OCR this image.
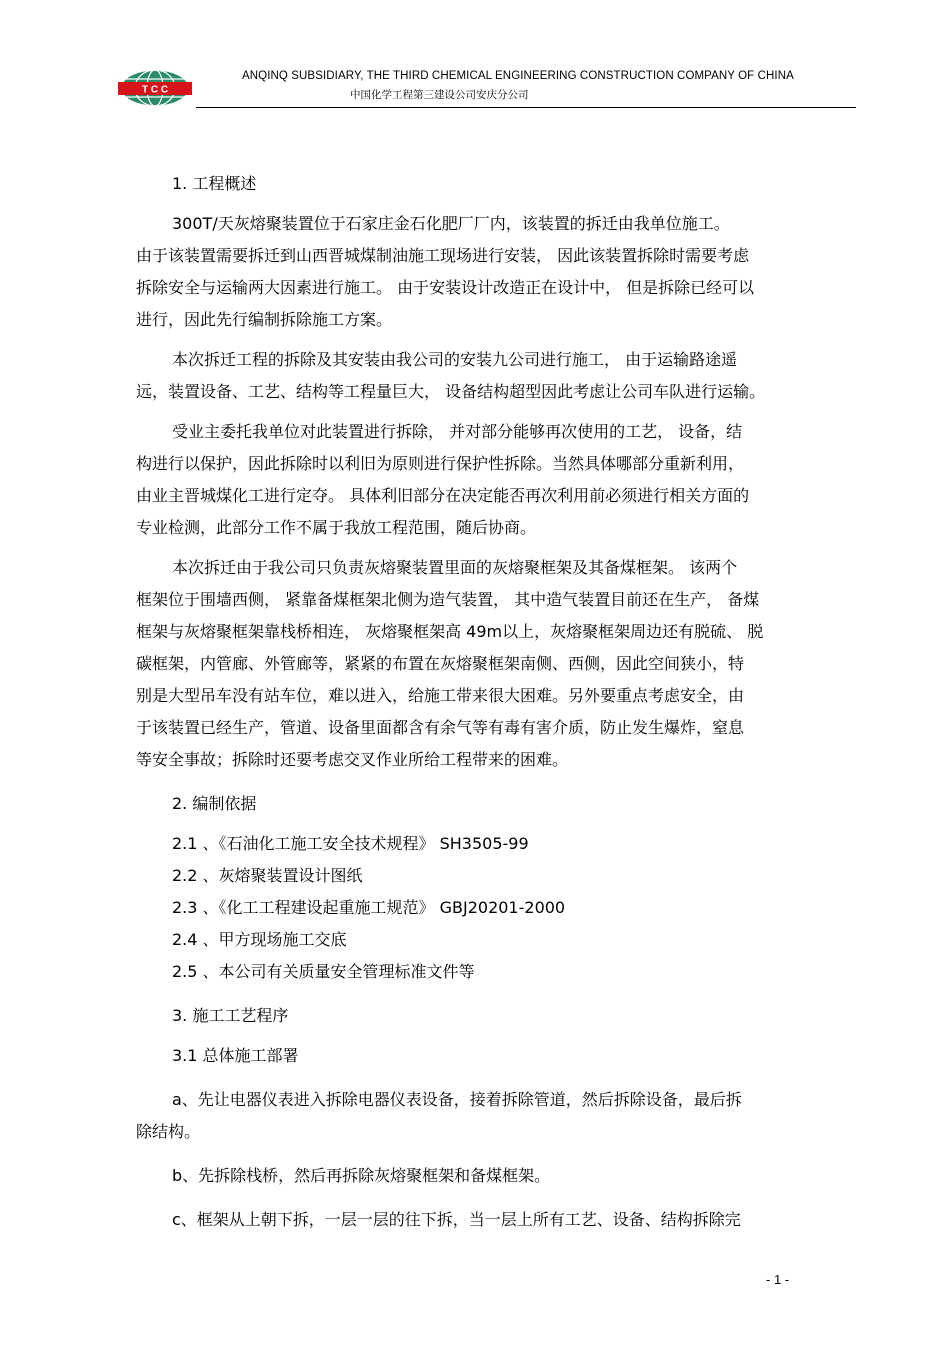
T C C
ANQINQ SUBSIDIARY, THE THIRD CHEMICAL ENGINEERING CONSTRUCTION COMPANY OF CHINA
中国化学工程第三建设公司安庆分公司

1. 工程概述

300T/天灰熔聚装置位于石家庄金石化肥厂厂内，该装置的拆迁由我单位施工。

由于该装置需要拆迁到山西晋城煤制油施工现场进行安装， 因此该装置拆除时需要考虑

拆除安全与运输两大因素进行施工。 由于安装设计改造正在设计中， 但是拆除已经可以

进行，因此先行编制拆除施工方案。

本次拆迁工程的拆除及其安装由我公司的安装九公司进行施工， 由于运输路途遥

远，装置设备、工艺、结构等工程量巨大， 设备结构超型因此考虑让公司车队进行运输。

受业主委托我单位对此装置进行拆除， 并对部分能够再次使用的工艺， 设备，结

构进行以保护，因此拆除时以利旧为原则进行保护性拆除。当然具体哪部分重新利用，

由业主晋城煤化工进行定夺。 具体利旧部分在决定能否再次利用前必须进行相关方面的

专业检测，此部分工作不属于我放工程范围，随后协商。

本次拆迁由于我公司只负责灰熔聚装置里面的灰熔聚框架及其备煤框架。 该两个

框架位于围墙西侧， 紧靠备煤框架北侧为造气装置， 其中造气装置目前还在生产， 备煤

框架与灰熔聚框架靠栈桥相连， 灰熔聚框架高 49m以上，灰熔聚框架周边还有脱硫、 脱

碳框架，内管廊、外管廊等，紧紧的布置在灰熔聚框架南侧、西侧，因此空间狭小，特

别是大型吊车没有站车位，难以进入，给施工带来很大困难。另外要重点考虑安全，由

于该装置已经生产，管道、设备里面都含有余气等有毒有害介质，防止发生爆炸，窒息

等安全事故；拆除时还要考虑交叉作业所给工程带来的困难。

2. 编制依据

2.1 、《石油化工施工安全技术规程》 SH3505-99

2.2 、灰熔聚装置设计图纸

2.3 、《化工工程建设起重施工规范》 GBJ20201-2000

2.4 、甲方现场施工交底

2.5 、本公司有关质量安全管理标准文件等

3. 施工工艺程序

3.1 总体施工部署

a、先让电器仪表进入拆除电器仪表设备，接着拆除管道，然后拆除设备，最后拆

除结构。

b、先拆除栈桥，然后再拆除灰熔聚框架和备煤框架。

c、框架从上朝下拆，一层一层的往下拆，当一层上所有工艺、设备、结构拆除完

- 1 -
